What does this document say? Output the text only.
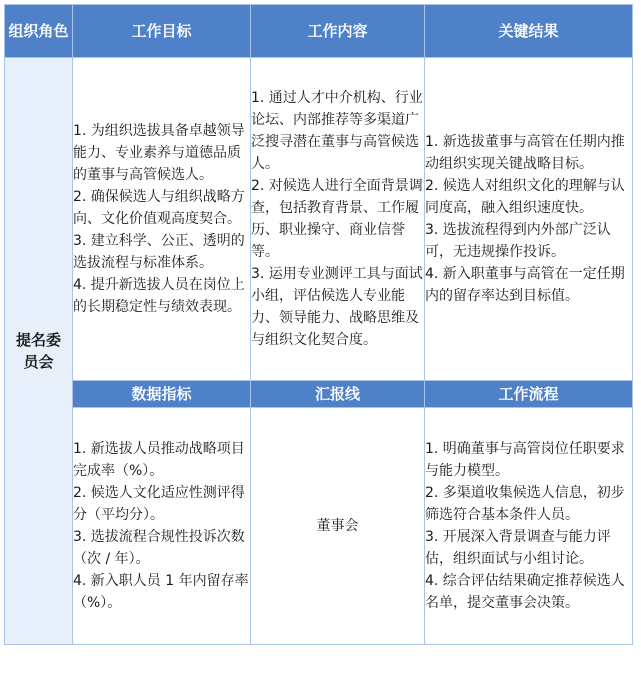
组织角色	工作目标	工作内容	关键结果
提名委员会	1. 为组织选拔具备卓越领导能力、专业素养与道德品质的董事与高管候选人。
2. 确保候选人与组织战略方向、文化价值观高度契合。
3. 建立科学、公正、透明的选拔流程与标准体系。
4. 提升新选拔人员在岗位上的长期稳定性与绩效表现。	1. 通过人才中介机构、行业论坛、内部推荐等多渠道广泛搜寻潜在董事与高管候选人。
2. 对候选人进行全面背景调查，包括教育背景、工作履历、职业操守、商业信誉等。
3. 运用专业测评工具与面试小组，评估候选人专业能力、领导能力、战略思维及与组织文化契合度。	1. 新选拔董事与高管在任期内推动组织实现关键战略目标。
2. 候选人对组织文化的理解与认同度高，融入组织速度快。
3. 选拔流程得到内外部广泛认可，无违规操作投诉。
4. 新入职董事与高管在一定任期内的留存率达到目标值。

	数据指标	汇报线	工作流程

	1. 新选拔人员推动战略项目完成率（%）。
2. 候选人文化适应性测评得分（平均分）。
3. 选拔流程合规性投诉次数（次 / 年）。
4. 新入职人员 1 年内留存率（%）。	董事会	1. 明确董事与高管岗位任职要求与能力模型。
2. 多渠道收集候选人信息，初步筛选符合基本条件人员。
3. 开展深入背景调查与能力评估，组织面试与小组讨论。
4. 综合评估结果确定推荐候选人名单，提交董事会决策。
